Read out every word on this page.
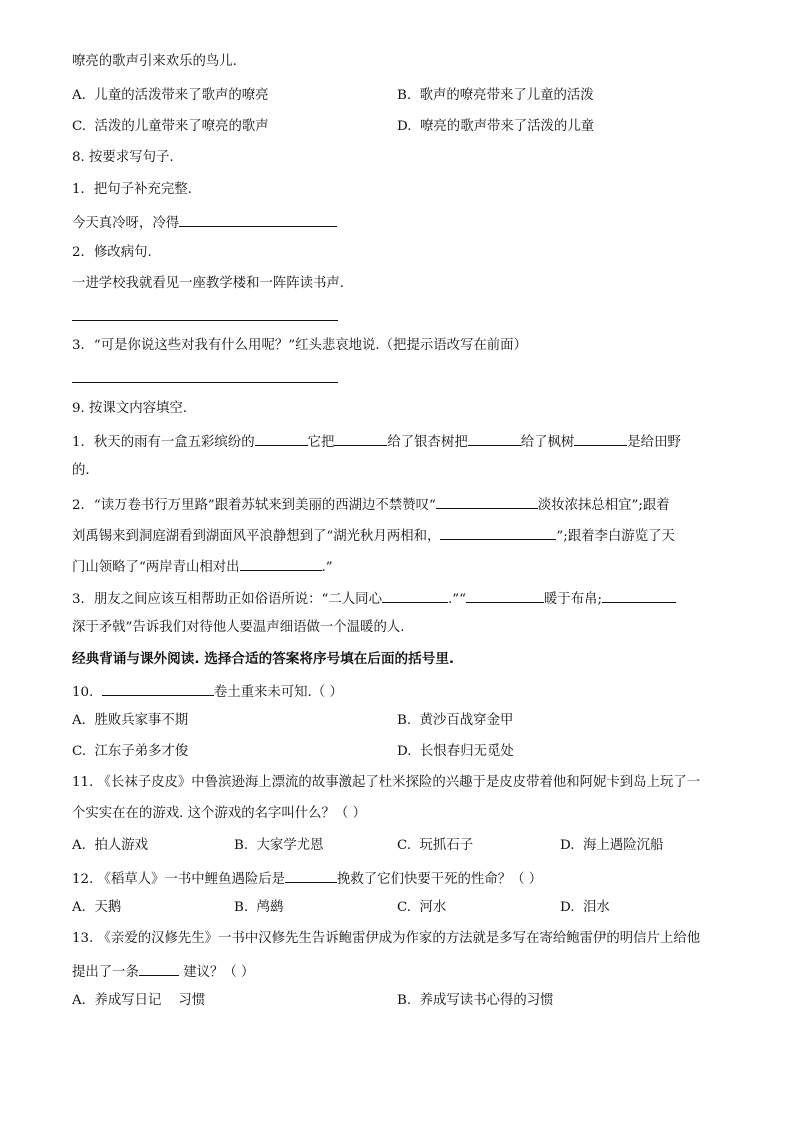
嘹亮的歌声引来欢乐的鸟儿.
A. 儿童的活泼带来了歌声的嘹亮	B. 歌声的嘹亮带来了儿童的活泼
C. 活泼的儿童带来了嘹亮的歌声	D. 嘹亮的歌声带来了活泼的儿童
8. 按要求写句子.
1．把句子补充完整.
今天真冷呀，冷得
2．修改病句.
一进学校我就看见一座教学楼和一阵阵读书声.
3．“可是你说这些对我有什么用呢？”红头悲哀地说.（把提示语改写在前面）
9. 按课文内容填空.
1．秋天的雨有一盒五彩缤纷的	它把	给了银杏树把	给了枫树	是给田野
的.
2．“读万卷书行万里路”跟着苏轼来到美丽的西湖边不禁赞叹“	淡妆浓抹总相宜”;跟着
刘禹锡来到洞庭湖看到湖面风平浪静想到了“湖光秋月两相和，	”;跟着李白游览了天
门山领略了“两岸青山相对出	.”
3．朋友之间应该互相帮助正如俗语所说：“二人同心	.”“	暖于布帛;
深于矛戟”告诉我们对待他人要温声细语做一个温暖的人.
经典背诵与课外阅读. 选择合适的答案将序号填在后面的括号里.
10.	卷土重来未可知.（ ）
A. 胜败兵家事不期	B. 黄沙百战穿金甲
C. 江东子弟多才俊	D. 长恨春归无觅处
11. 《长袜子皮皮》中鲁滨逊海上漂流的故事激起了杜米探险的兴趣于是皮皮带着他和阿妮卡到岛上玩了一
个实实在在的游戏. 这个游戏的名字叫什么？（ ）
A. 拍人游戏	B. 大家学尤恩	C. 玩抓石子	D. 海上遇险沉船
12. 《稻草人》一书中鲤鱼遇险后是	挽救了它们快要干死的性命？（ ）
A. 天鹅	B. 鸬鹚	C. 河水	D. 泪水
13. 《亲爱的汉修先生》一书中汉修先生告诉鲍雷伊成为作家的方法就是多写在寄给鲍雷伊的明信片上给他
提出了一条	建议？（ ）
A. 养成写日记    习惯	B. 养成写读书心得的习惯
